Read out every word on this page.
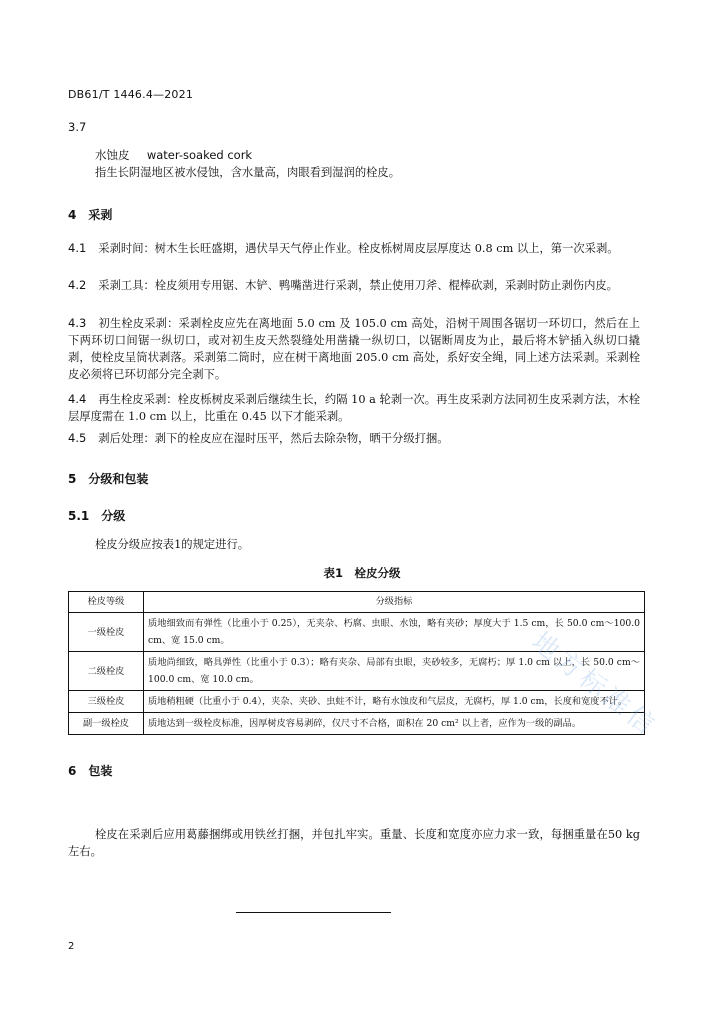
DB61/T 1446.4—2021
3.7
水蚀皮 water-soaked cork
指生长阴湿地区被水侵蚀，含水量高，肉眼看到湿润的栓皮。
4　采剥
4.1 采剥时间：树木生长旺盛期，遇伏旱天气停止作业。栓皮栎树周皮层厚度达 0.8 cm 以上，第一次采剥。
4.2 采剥工具：栓皮须用专用锯、木铲、鸭嘴凿进行采剥，禁止使用刀斧、棍棒砍剥，采剥时防止剥伤内皮。
4.3 初生栓皮采剥：采剥栓皮应先在离地面 5.0 cm 及 105.0 cm 高处，沿树干周围各锯切一环切口，然后在上下两环切口间锯一纵切口，或对初生皮天然裂缝处用凿撬一纵切口，以锯断周皮为止，最后将木铲插入纵切口撬剥，使栓皮呈筒状剥落。采剥第二筒时，应在树干离地面 205.0 cm 高处，系好安全绳，同上述方法采剥。采剥栓皮必须将已环切部分完全剥下。
4.4 再生栓皮采剥：栓皮栎树皮采剥后继续生长，约隔 10 a 轮剥一次。再生皮采剥方法同初生皮采剥方法，木栓层厚度需在 1.0 cm 以上，比重在 0.45 以下才能采剥。
4.5 剥后处理：剥下的栓皮应在湿时压平，然后去除杂物，晒干分级打捆。
5　分级和包装
5.1　分级
栓皮分级应按表1的规定进行。
表1　栓皮分级
栓皮等级	分级指标
一级栓皮	质地细致而有弹性（比重小于 0.25），无夹杂、朽腐、虫眼、水蚀，略有夹砂；厚度大于 1.5 cm，长 50.0 cm～100.0 cm、宽 15.0 cm。
二级栓皮	质地尚细致，略具弹性（比重小于 0.3）；略有夹杂、局部有虫眼，夹砂较多，无腐朽；厚 1.0 cm 以上，长 50.0 cm～100.0 cm、宽 10.0 cm。
三级栓皮	质地稍粗硬（比重小于 0.4），夹杂、夹砂、虫蛀不计，略有水蚀皮和气层皮，无腐朽，厚 1.0 cm，长度和宽度不计。
副一级栓皮	质地达到一级栓皮标准，因厚树皮容易剥碎，仅尺寸不合格，面积在 20 cm² 以上者，应作为一级的副品。
6　包装
栓皮在采剥后应用葛藤捆绑或用铁丝打捆，并包扎牢实。重量、长度和宽度亦应力求一致，每捆重量在50 kg左右。
2
地方标准信
